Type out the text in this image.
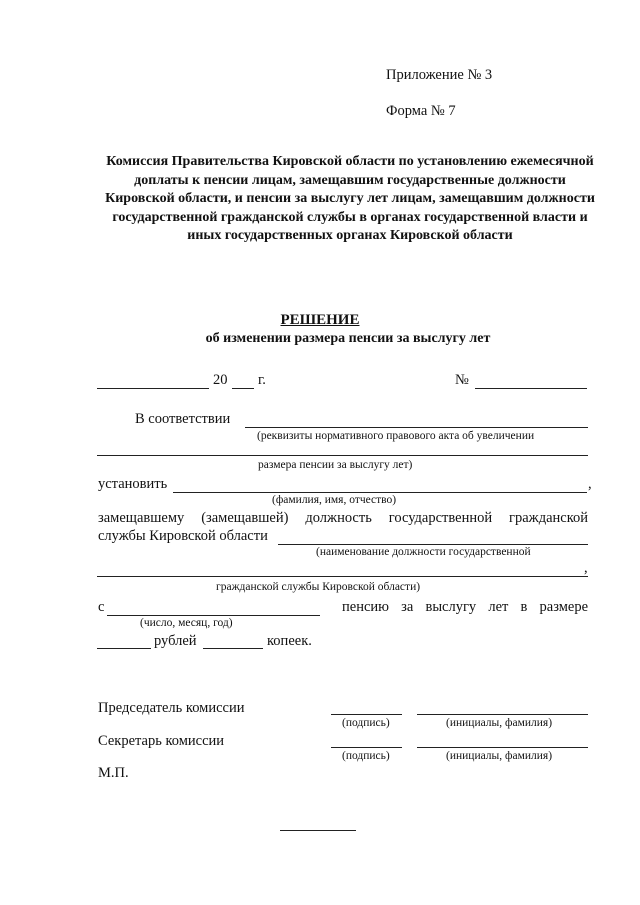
Приложение № 3
Форма № 7
Комиссия Правительства Кировской области по установлению ежемесячной доплаты к пенсии лицам, замещавшим государственные должности Кировской области, и пенсии за выслугу лет лицам, замещавшим должности государственной гражданской службы в органах государственной власти и иных государственных органах Кировской области
РЕШЕНИЕ
об изменении размера пенсии за выслугу лет
20 г.	№
В соответствии
(реквизиты нормативного правового акта об увеличении
размера пенсии за выслугу лет)
установить	,
(фамилия, имя, отчество)
замещавшему (замещавшей) должность государственной гражданской
службы Кировской области
(наименование должности государственной
,
гражданской службы Кировской области)
с	пенсию за выслугу лет в размере
(число, месяц, год)
рублей	копеек.
Председатель комиссии
(подпись)	(инициалы, фамилия)
Секретарь комиссии
(подпись)	(инициалы, фамилия)
М.П.
